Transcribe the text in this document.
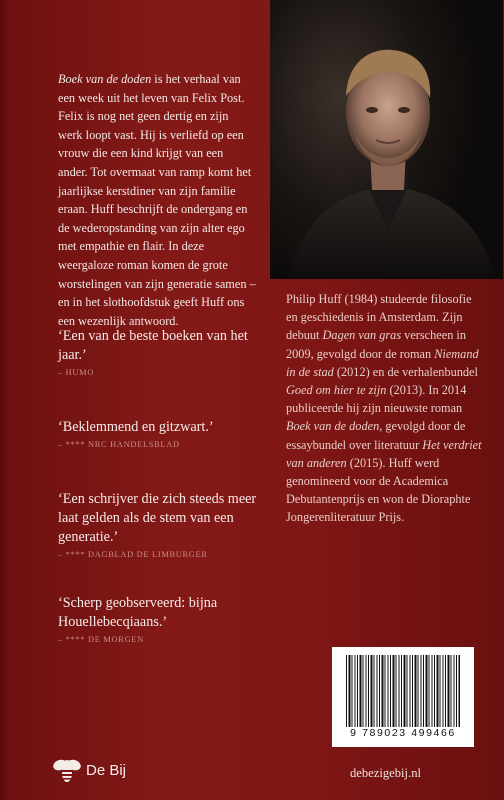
Boek van de doden is het verhaal van een week uit het leven van Felix Post. Felix is nog net geen dertig en zijn werk loopt vast. Hij is verliefd op een vrouw die een kind krijgt van een ander. Tot overmaat van ramp komt het jaarlijkse kerstdiner van zijn familie eraan. Huff beschrijft de ondergang en de wederopstanding van zijn alter ego met empathie en flair. In deze weergaloze roman komen de grote worstelingen van zijn generatie samen – en in het slothoofdstuk geeft Huff ons een wezenlijk antwoord.

‘Een van de beste boeken van het jaar.’
– HUMO
‘Beklemmend en gitzwart.’
– **** NRC HANDELSBLAD
‘Een schrijver die zich steeds meer laat gelden als de stem van een generatie.’
– **** DAGBLAD DE LIMBURGER
‘Scherp geobserveerd: bijna Houellebecqiaans.’
– **** DE MORGEN

Philip Huff (1984) studeerde filosofie en geschiedenis in Amsterdam. Zijn debuut Dagen van gras verscheen in 2009, gevolgd door de roman Niemand in de stad (2012) en de verhalenbundel Goed om hier te zijn (2013). In 2014 publiceerde hij zijn nieuwste roman Boek van de doden, gevolgd door de essaybundel over literatuur Het verdriet van anderen (2015). Huff werd genomineerd voor de Academica Debutantenprijs en won de Dioraphte Jongerenliteratuur Prijs.

9 789023 499466
De Bij	debezigebij.nl
